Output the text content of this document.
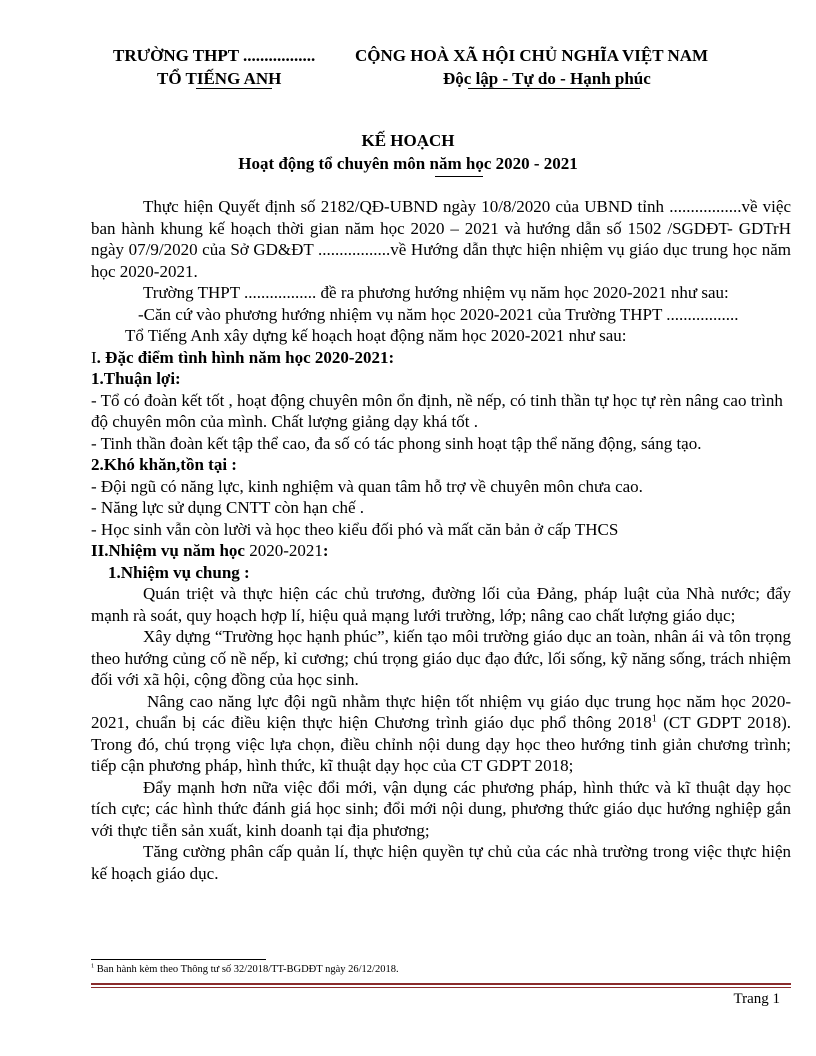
TRƯỜNG THPT .................
TỔ TIẾNG ANH
CỘNG HOÀ XÃ HỘI CHỦ NGHĨA VIỆT NAM
Độc lập - Tự do - Hạnh phúc
KẾ HOẠCH
Hoạt động tổ chuyên môn năm học 2020 - 2021

Thực hiện Quyết định số 2182/QĐ-UBND ngày 10/8/2020 của UBND tỉnh .................về việc ban hành khung kế hoạch thời gian năm học 2020 – 2021 và hướng dẫn số 1502 /SGDĐT- GDTrH ngày 07/9/2020 của Sở GD&ĐT .................về Hướng dẫn thực hiện nhiệm vụ giáo dục trung học năm học 2020-2021.

Trường THPT ................. đề ra phương hướng nhiệm vụ năm học 2020-2021 như sau:

-Căn cứ vào phương hướng nhiệm vụ năm học 2020-2021 của Trường THPT .................

Tổ Tiếng Anh xây dựng kế hoạch hoạt động năm học 2020-2021 như sau:

I. Đặc điểm tình hình năm học 2020-2021:

1.Thuận lợi:

- Tổ có đoàn kết tốt , hoạt động chuyên môn ổn định, nề nếp, có tinh thần tự học tự rèn nâng cao trình độ chuyên môn của mình. Chất lượng giảng dạy khá tốt .

- Tinh thần đoàn kết tập thể cao, đa số có tác phong sinh hoạt tập thể năng động, sáng tạo.

2.Khó khăn,tồn tại :

- Đội ngũ có năng lực, kinh nghiệm và quan tâm hỗ trợ về chuyên môn chưa cao.

- Năng lực sử dụng CNTT còn hạn chế .

- Học sinh vẫn còn lười và học theo kiểu đối phó và mất căn bản ở cấp THCS

II.Nhiệm vụ năm học 2020-2021:

1.Nhiệm vụ chung :

Quán triệt và thực hiện các chủ trương, đường lối của Đảng, pháp luật của Nhà nước; đẩy mạnh rà soát, quy hoạch hợp lí, hiệu quả mạng lưới trường, lớp; nâng cao chất lượng giáo dục;

Xây dựng “Trường học hạnh phúc”, kiến tạo môi trường giáo dục an toàn, nhân ái và tôn trọng theo hướng củng cố nề nếp, kỉ cương; chú trọng giáo dục đạo đức, lối sống, kỹ năng sống, trách nhiệm đối với xã hội, cộng đồng của học sinh.

Nâng cao năng lực đội ngũ nhằm thực hiện tốt nhiệm vụ giáo dục trung học năm học 2020-2021, chuẩn bị các điều kiện thực hiện Chương trình giáo dục phổ thông 2018$^1$ (CT GDPT 2018). Trong đó, chú trọng việc lựa chọn, điều chỉnh nội dung dạy học theo hướng tinh giản chương trình; tiếp cận phương pháp, hình thức, kĩ thuật dạy học của CT GDPT 2018;

Đẩy mạnh hơn nữa việc đổi mới, vận dụng các phương pháp, hình thức và kĩ thuật dạy học tích cực; các hình thức đánh giá học sinh; đổi mới nội dung, phương thức giáo dục hướng nghiệp gắn với thực tiễn sản xuất, kinh doanh tại địa phương;

Tăng cường phân cấp quản lí, thực hiện quyền tự chủ của các nhà trường trong việc thực hiện kế hoạch giáo dục.

$^1$ Ban hành kèm theo Thông tư số 32/2018/TT-BGDĐT ngày 26/12/2018.
Trang 1
